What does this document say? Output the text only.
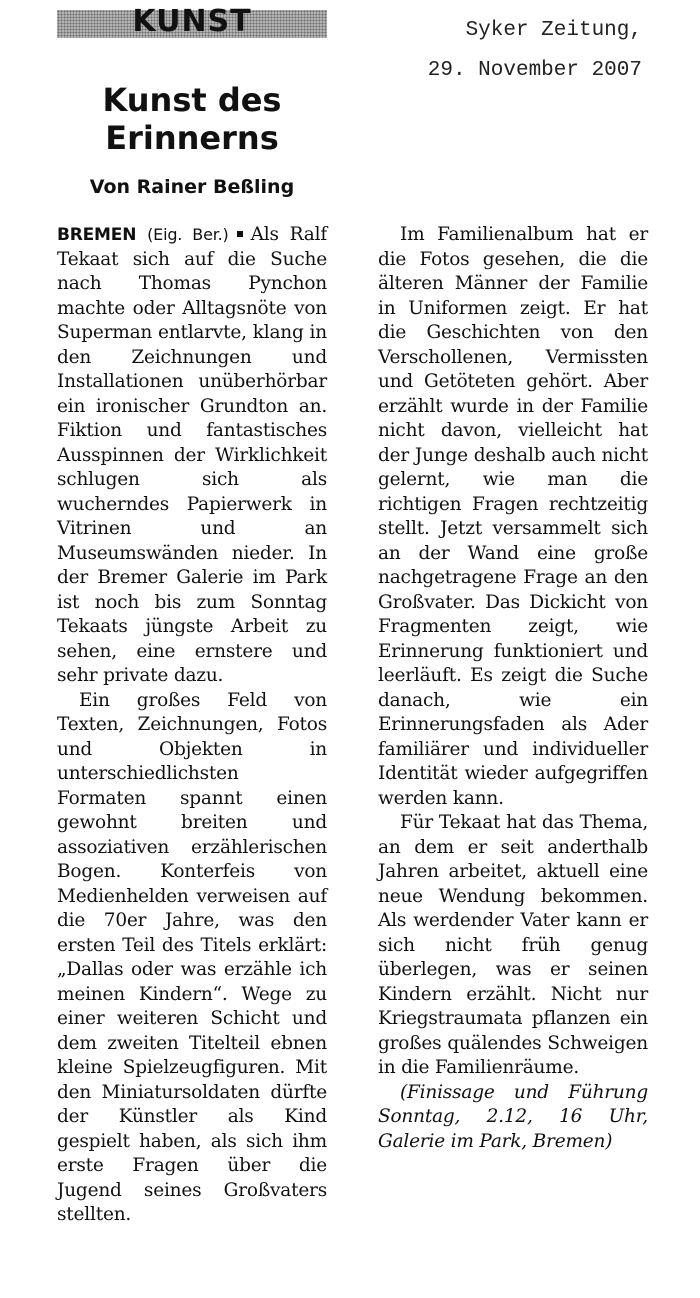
KUNST	Syker Zeitung,
29. November 2007
Kunst des Erinnerns
Von Rainer Beßling

BREMEN (Eig. Ber.) Als Ralf Tekaat sich auf die Suche nach Thomas Pynchon machte oder Alltagsnöte von Superman entlarvte, klang in den Zeichnungen und Installationen unüberhörbar ein ironischer Grundton an. Fiktion und fantastisches Ausspinnen der Wirklichkeit schlugen sich als wucherndes Papierwerk in Vitrinen und an Museumswänden nieder. In der Bremer Galerie im Park ist noch bis zum Sonntag Tekaats jüngste Arbeit zu sehen, eine ernstere und sehr private dazu.

Ein großes Feld von Texten, Zeichnungen, Fotos und Objekten in unterschiedlichsten Formaten spannt einen gewohnt breiten und assoziativen erzählerischen Bogen. Konterfeis von Medienhelden verweisen auf die 70er Jahre, was den ersten Teil des Titels erklärt: „Dallas oder was erzähle ich meinen Kindern“. Wege zu einer weiteren Schicht und dem zweiten Titelteil ebnen kleine Spielzeugfiguren. Mit den Miniatursoldaten dürfte der Künstler als Kind gespielt haben, als sich ihm erste Fragen über die Jugend seines Großvaters stellten.

Im Familienalbum hat er die Fotos gesehen, die die älteren Männer der Familie in Uniformen zeigt. Er hat die Geschichten von den Verschollenen, Vermissten und Getöteten gehört. Aber erzählt wurde in der Familie nicht davon, vielleicht hat der Junge deshalb auch nicht gelernt, wie man die richtigen Fragen rechtzeitig stellt. Jetzt versammelt sich an der Wand eine große nachgetragene Frage an den Großvater. Das Dickicht von Fragmenten zeigt, wie Erinnerung funktioniert und leerläuft. Es zeigt die Suche danach, wie ein Erinnerungsfaden als Ader familiärer und individueller Identität wieder aufgegriffen werden kann.

Für Tekaat hat das Thema, an dem er seit anderthalb Jahren arbeitet, aktuell eine neue Wendung bekommen. Als werdender Vater kann er sich nicht früh genug überlegen, was er seinen Kindern erzählt. Nicht nur Kriegstraumata pflanzen ein großes quälendes Schweigen in die Familienräume.

(Finissage und Führung Sonntag, 2.12, 16 Uhr, Galerie im Park, Bremen)
